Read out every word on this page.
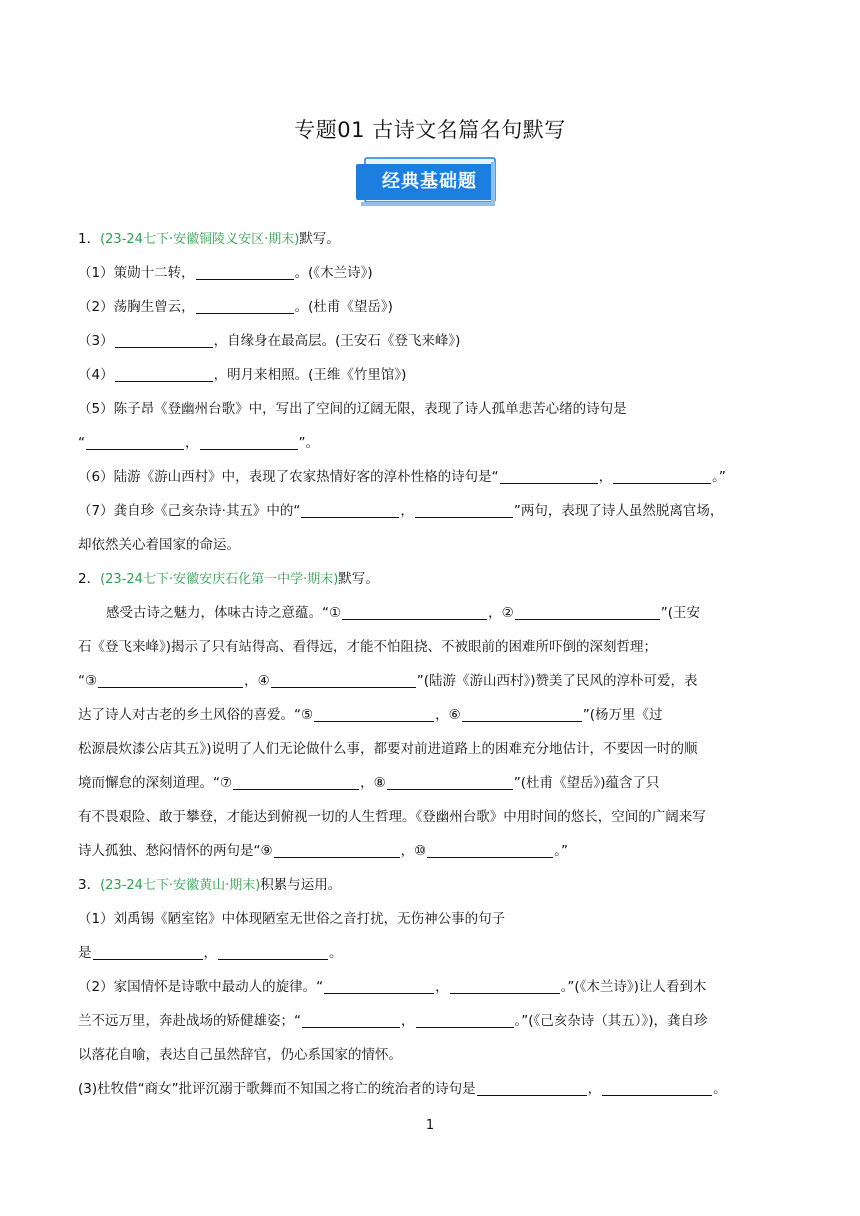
专题01 古诗文名篇名句默写
经典基础题
1．(23-24七下·安徽铜陵义安区·期末)默写。
（1）策勋十二转，	。(《木兰诗》)
（2）荡胸生曾云，	。(杜甫《望岳》)
（3）	，自缘身在最高层。(王安石《登飞来峰》)
（4）	，明月来相照。(王维《竹里馆》)
（5）陈子昂《登幽州台歌》中，写出了空间的辽阔无限，表现了诗人孤单悲苦心绪的诗句是
“	，	”。
（6）陆游《游山西村》中，表现了农家热情好客的淳朴性格的诗句是“	，	。”
（7）龚自珍《己亥杂诗·其五》中的“	，	”两句，表现了诗人虽然脱离官场，
却依然关心着国家的命运。
2．(23-24七下·安徽安庆石化第一中学·期末)默写。
感受古诗之魅力，体味古诗之意蕴。“①	，②	”(王安
石《登飞来峰》)揭示了只有站得高、看得远，才能不怕阻挠、不被眼前的困难所吓倒的深刻哲理；
“③	，④	”(陆游《游山西村》)赞美了民风的淳朴可爱，表
达了诗人对古老的乡土风俗的喜爱。“⑤	，⑥	”(杨万里《过
松源晨炊漆公店其五》)说明了人们无论做什么事，都要对前进道路上的困难充分地估计，不要因一时的顺
境而懈怠的深刻道理。“⑦	，⑧	”(杜甫《望岳》)蕴含了只
有不畏艰险、敢于攀登，才能达到俯视一切的人生哲理。《登幽州台歌》中用时间的悠长，空间的广阔来写
诗人孤独、愁闷情怀的两句是“⑨	，⑩	。”
3．(23-24七下·安徽黄山·期末)积累与运用。
（1）刘禹锡《陋室铭》中体现陋室无世俗之音打扰，无伤神公事的句子
是	，	。
（2）家国情怀是诗歌中最动人的旋律。“	，	。”(《木兰诗》)让人看到木
兰不远万里，奔赴战场的矫健雄姿；“	，	。”(《己亥杂诗（其五）》)，龚自珍
以落花自喻，表达自己虽然辞官，仍心系国家的情怀。
(3)杜牧借“商女”批评沉溺于歌舞而不知国之将亡的统治者的诗句是	，	。
1
